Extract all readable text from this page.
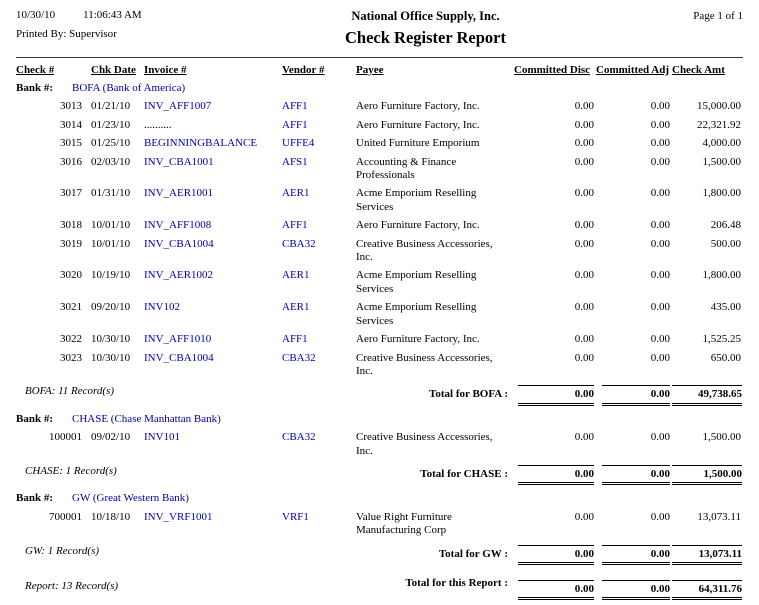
10/30/10	11:06:43 AM
Printed By: Supervisor
National Office Supply, Inc.
Check Register Report
Page 1 of 1
Check #	Chk Date	Invoice #	Vendor #	Payee	Committed Disc	Committed Adj	Check Amt
Bank #: BOFA (Bank of America)							
3013	01/21/10	INV_AFF1007	AFF1	Aero Furniture Factory, Inc.	0.00	0.00	15,000.00
3014	01/23/10	..........	AFF1	Aero Furniture Factory, Inc.	0.00	0.00	22,321.92
3015	01/25/10	BEGINNINGBALANCE	UFFE4	United Furniture Emporium	0.00	0.00	4,000.00
3016	02/03/10	INV_CBA1001	AFS1	Accounting & Finance Professionals	0.00	0.00	1,500.00
3017	01/31/10	INV_AER1001	AER1	Acme Emporium Reselling Services	0.00	0.00	1,800.00
3018	10/01/10	INV_AFF1008	AFF1	Aero Furniture Factory, Inc.	0.00	0.00	206.48
3019	10/01/10	INV_CBA1004	CBA32	Creative Business Accessories, Inc.	0.00	0.00	500.00
3020	10/19/10	INV_AER1002	AER1	Acme Emporium Reselling Services	0.00	0.00	1,800.00
3021	09/20/10	INV102	AER1	Acme Emporium Reselling Services	0.00	0.00	435.00
3022	10/30/10	INV_AFF1010	AFF1	Aero Furniture Factory, Inc.	0.00	0.00	1,525.25
3023	10/30/10	INV_CBA1004	CBA32	Creative Business Accessories, Inc.	0.00	0.00	650.00
BOFA: 11 Record(s)				Total for BOFA :	0.00	0.00	49,738.65
Bank #: CHASE (Chase Manhattan Bank)							
100001	09/02/10	INV101	CBA32	Creative Business Accessories, Inc.	0.00	0.00	1,500.00
CHASE: 1 Record(s)				Total for CHASE :	0.00	0.00	1,500.00
Bank #: GW (Great Western Bank)							
700001	10/18/10	INV_VRF1001	VRF1	Value Right Furniture Manufacturing Corp	0.00	0.00	13,073.11
GW: 1 Record(s)				Total for GW :	0.00	0.00	13,073.11
Report: 13 Record(s)				Total for this Report :	0.00	0.00	64,311.76
